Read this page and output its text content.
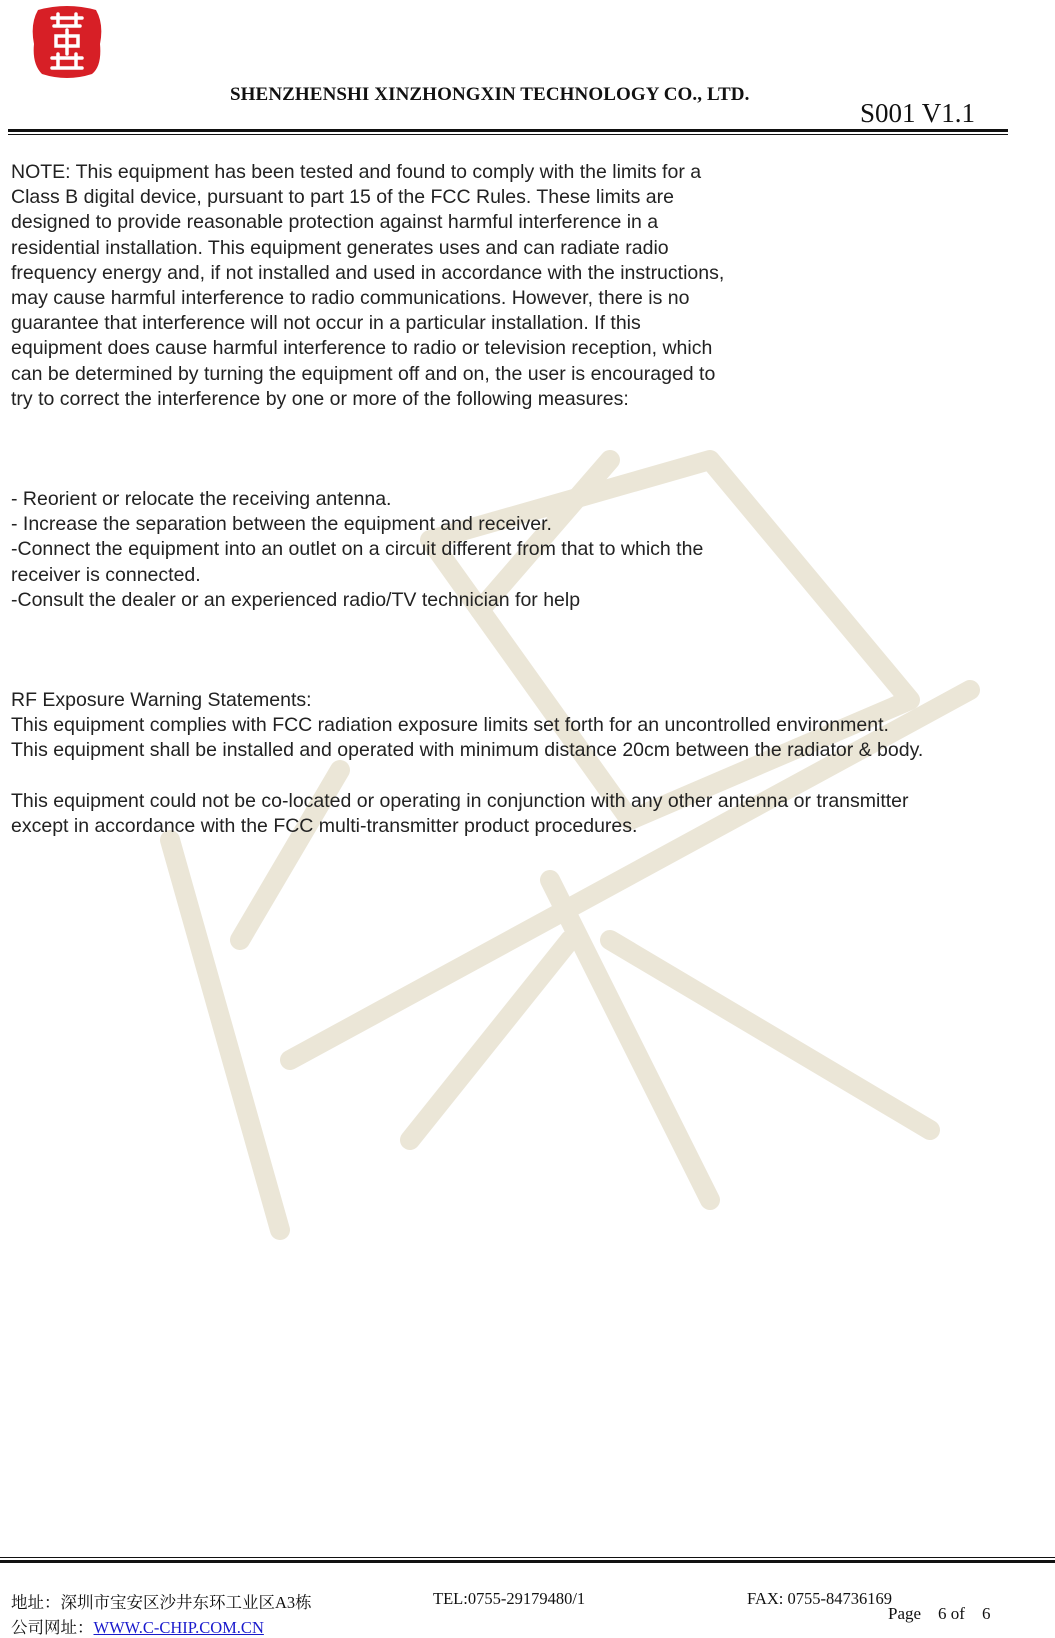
SHENZHENSHI XINZHONGXIN TECHNOLOGY CO., LTD.
S001 V1.1

NOTE: This equipment has been tested and found to comply with the limits for a

Class B digital device, pursuant to part 15 of the FCC Rules. These limits are

designed to provide reasonable protection against harmful interference in a

residential installation. This equipment generates uses and can radiate radio

frequency energy and, if not installed and used in accordance with the instructions,

may cause harmful interference to radio communications. However, there is no

guarantee that interference will not occur in a particular installation. If this

equipment does cause harmful interference to radio or television reception, which

can be determined by turning the equipment off and on, the user is encouraged to

try to correct the interference by one or more of the following measures:

- Reorient or relocate the receiving antenna.

- Increase the separation between the equipment and receiver.

-Connect the equipment into an outlet on a circuit different from that to which the

receiver is connected.

-Consult the dealer or an experienced radio/TV technician for help

RF Exposure Warning Statements:

This equipment complies with FCC radiation exposure limits set forth for an uncontrolled environment.

This equipment shall be installed and operated with minimum distance 20cm between the radiator & body.

This equipment could not be co-located or operating in conjunction with any other antenna or transmitter

except in accordance with the FCC multi-transmitter product procedures.

地址：深圳市宝安区沙井东环工业区A3栋
公司网址：WWW.C-CHIP.COM.CN
TEL:0755-29179480/1	FAX: 0755-84736169
Page    6 of    6
